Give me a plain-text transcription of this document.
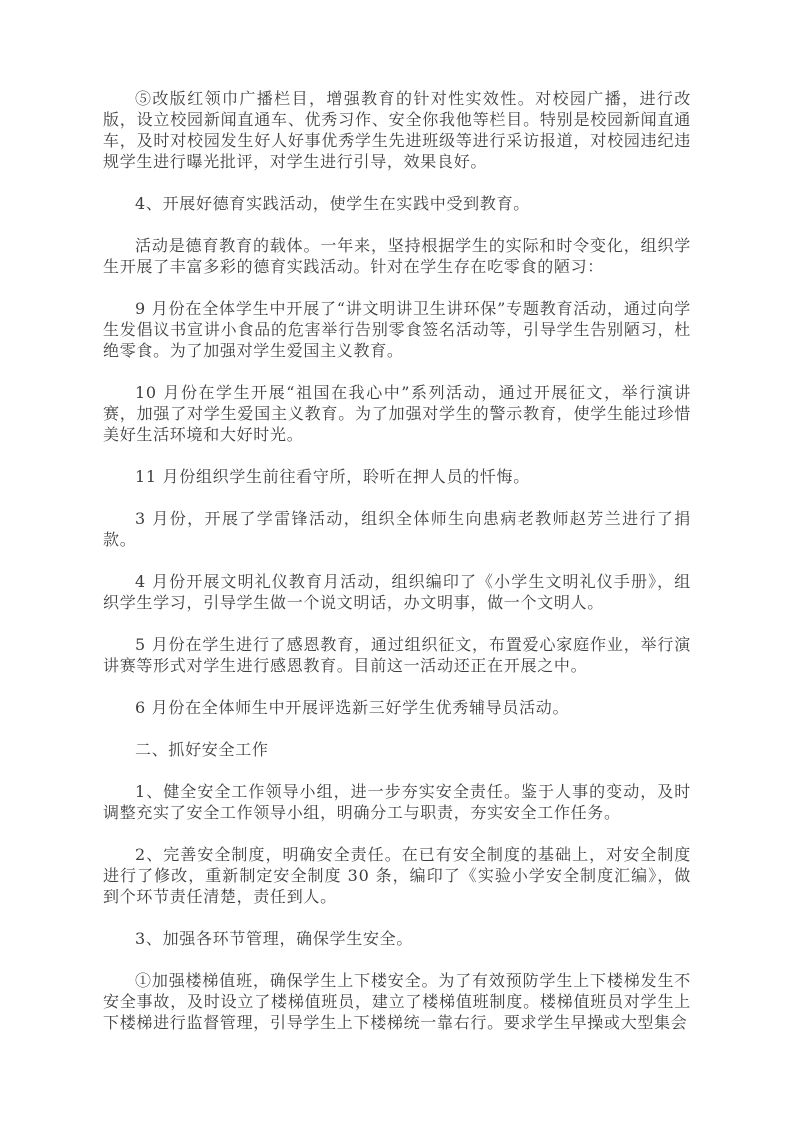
⑤改版红领巾广播栏目，增强教育的针对性实效性。对校园广播，进行改版，设立校园新闻直通车、优秀习作、安全你我他等栏目。特别是校园新闻直通车，及时对校园发生好人好事优秀学生先进班级等进行采访报道，对校园违纪违规学生进行曝光批评，对学生进行引导，效果良好。

4、开展好德育实践活动，使学生在实践中受到教育。

活动是德育教育的载体。一年来，坚持根据学生的实际和时令变化，组织学生开展了丰富多彩的德育实践活动。针对在学生存在吃零食的陋习：

9 月份在全体学生中开展了“讲文明讲卫生讲环保”专题教育活动，通过向学生发倡议书宣讲小食品的危害举行告别零食签名活动等，引导学生告别陋习，杜绝零食。为了加强对学生爱国主义教育。

10 月份在学生开展“祖国在我心中”系列活动，通过开展征文，举行演讲赛，加强了对学生爱国主义教育。为了加强对学生的警示教育，使学生能过珍惜美好生活环境和大好时光。

11 月份组织学生前往看守所，聆听在押人员的忏悔。

3 月份，开展了学雷锋活动，组织全体师生向患病老教师赵芳兰进行了捐款。

4 月份开展文明礼仪教育月活动，组织编印了《小学生文明礼仪手册》，组织学生学习，引导学生做一个说文明话，办文明事，做一个文明人。

5 月份在学生进行了感恩教育，通过组织征文，布置爱心家庭作业，举行演讲赛等形式对学生进行感恩教育。目前这一活动还正在开展之中。

6 月份在全体师生中开展评选新三好学生优秀辅导员活动。

二、抓好安全工作

1、健全安全工作领导小组，进一步夯实安全责任。鉴于人事的变动，及时调整充实了安全工作领导小组，明确分工与职责，夯实安全工作任务。

2、完善安全制度，明确安全责任。在已有安全制度的基础上，对安全制度进行了修改，重新制定安全制度 30 条，编印了《实验小学安全制度汇编》，做到个环节责任清楚，责任到人。

3、加强各环节管理，确保学生安全。

①加强楼梯值班，确保学生上下楼安全。为了有效预防学生上下楼梯发生不安全事故，及时设立了楼梯值班员，建立了楼梯值班制度。楼梯值班员对学生上下楼梯进行监督管理，引导学生上下楼梯统一靠右行。要求学生早操或大型集会
